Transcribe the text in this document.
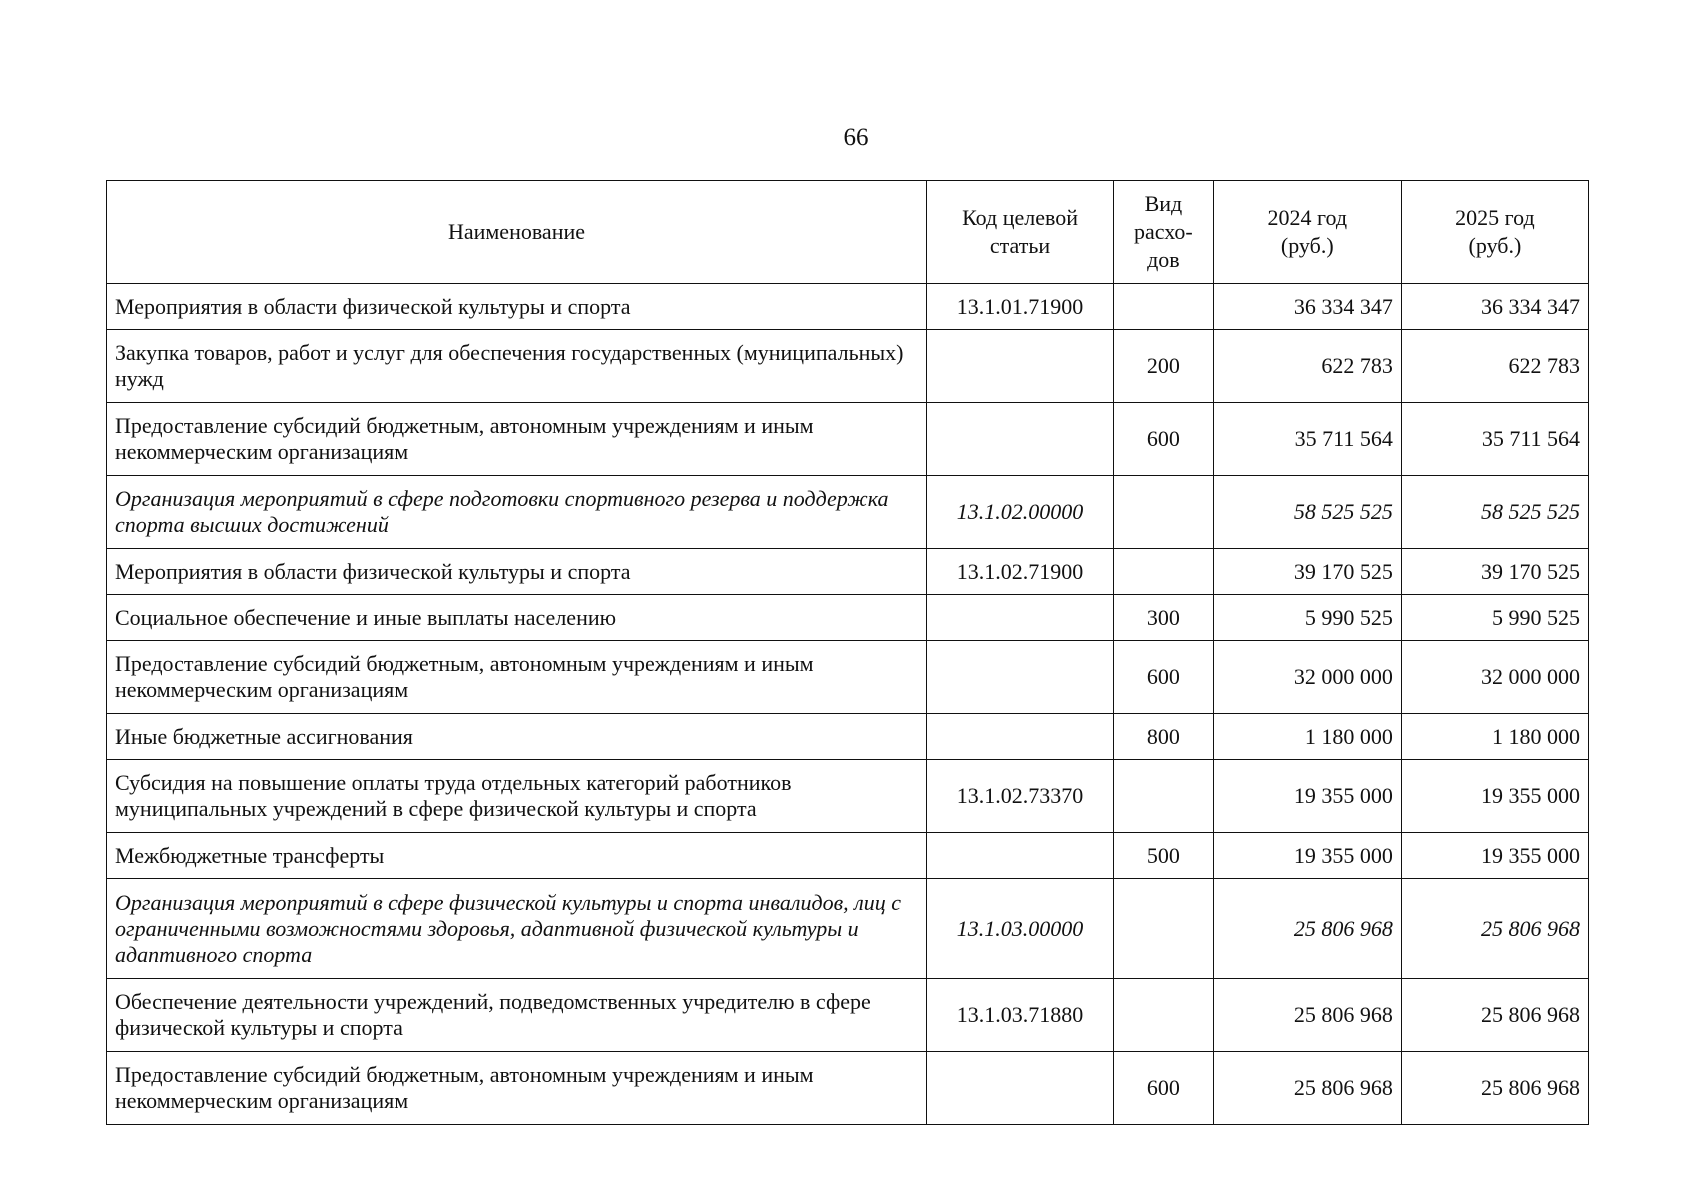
66
Наименование	Код целевой статьи	Вид расхо-дов	2024 год (руб.)	2025 год (руб.)
Мероприятия в области физической культуры и спорта	13.1.01.71900		36 334 347	36 334 347
Закупка товаров, работ и услуг для обеспечения государственных (муниципальных) нужд		200	622 783	622 783
Предоставление субсидий бюджетным, автономным учреждениям и иным некоммерческим организациям		600	35 711 564	35 711 564
Организация мероприятий в сфере подготовки спортивного резерва и поддержка спорта высших достижений	13.1.02.00000		58 525 525	58 525 525
Мероприятия в области физической культуры и спорта	13.1.02.71900		39 170 525	39 170 525
Социальное обеспечение и иные выплаты населению		300	5 990 525	5 990 525
Предоставление субсидий бюджетным, автономным учреждениям и иным некоммерческим организациям		600	32 000 000	32 000 000
Иные бюджетные ассигнования		800	1 180 000	1 180 000
Субсидия на повышение оплаты труда отдельных категорий работников муниципальных учреждений в сфере физической культуры и спорта	13.1.02.73370		19 355 000	19 355 000
Межбюджетные трансферты		500	19 355 000	19 355 000
Организация мероприятий в сфере физической культуры и спорта инвалидов, лиц с ограниченными возможностями здоровья, адаптивной физической культуры и адаптивного спорта	13.1.03.00000		25 806 968	25 806 968
Обеспечение деятельности учреждений, подведомственных учредителю в сфере физической культуры и спорта	13.1.03.71880		25 806 968	25 806 968
Предоставление субсидий бюджетным, автономным учреждениям и иным некоммерческим организациям		600	25 806 968	25 806 968
